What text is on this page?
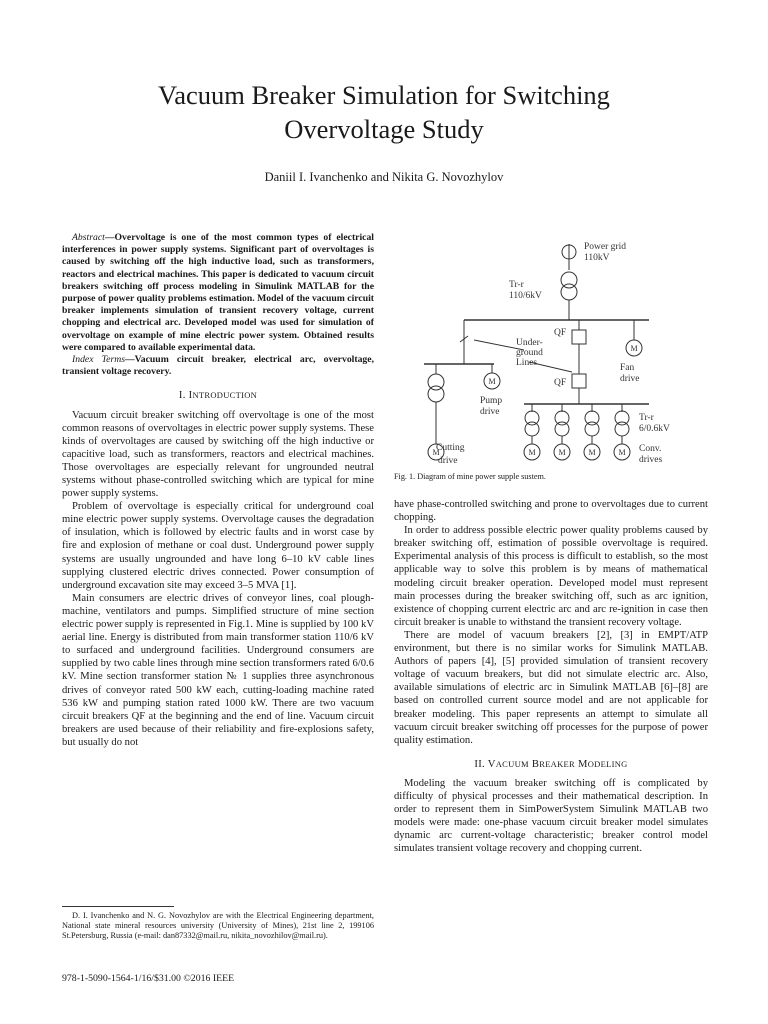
Vacuum Breaker Simulation for Switching
Overvoltage Study
Daniil I. Ivanchenko and Nikita G. Novozhylov

Abstract—Overvoltage is one of the most common types of electrical interferences in power supply systems. Significant part of overvoltages is caused by switching off the high inductive load, such as transformers, reactors and electrical machines. This paper is dedicated to vacuum circuit breakers switching off process modeling in Simulink MATLAB for the purpose of power quality problems estimation. Model of the vacuum circuit breaker implements simulation of transient recovery voltage, current chopping and electrical arc. Developed model was used for simulation of overvoltage on example of mine electric power system. Obtained results were compared to available experimental data.

Index Terms—Vacuum circuit breaker, electrical arc, overvoltage, transient voltage recovery.

I. INTRODUCTION

Vacuum circuit breaker switching off overvoltage is one of the most common reasons of overvoltages in electric power supply systems. These kinds of overvoltages are caused by switching off the high inductive or capacitive load, such as transformers, reactors and electrical machines. Those overvoltages are especially relevant for ungrounded neutral systems without phase-controlled switching which are typical for mine power supply systems.

Problem of overvoltage is especially critical for underground coal mine electric power supply systems. Overvoltage causes the degradation of insulation, which is followed by electric faults and in worst case by fire and explosion of methane or coal dust. Underground power supply systems are usually ungrounded and have long 6–10 kV cable lines supplying clustered electric drives connected. Power consumption of underground excavation site may exceed 3–5 MVA [1].

Main consumers are electric drives of conveyor lines, coal plough-machine, ventilators and pumps. Simplified structure of mine section electric power supply is represented in Fig.1. Mine is supplied by 100 kV aerial line. Energy is distributed from main transformer station 110/6 kV to surfaced and underground facilities. Underground consumers are supplied by two cable lines through mine section transformers rated 6/0.6 kV. Mine section transformer station № 1 supplies three asynchronous drives of conveyor rated 500 kW each, cutting-loading machine rated 536 kW and pumping station rated 1000 kW. There are two vacuum circuit breakers QF at the beginning and the end of line. Vacuum circuit breakers are used because of their reliability and fire-explosions safety, but usually do not

D. I. Ivanchenko and N. G. Novozhylov are with the Electrical Engineering department, National state mineral resources university (University of Mines), 21st line 2, 199106 St.Petersburg, Russia (e-mail: dan87332@mail.ru, nikita_novozhilov@mail.ru).
978-1-5090-1564-1/16/$31.00 ©2016 IEEE
Power grid
110kV
Tr-r
110/6kV
QF
QF
Under-
ground
Lines	Fan
drive
Pump
drive
Tr-r
6/0.6kV
Cutting
drive
Conv.
drives
M
M
M
M	M	M	M
Fig. 1. Diagram of mine power supple sustem.

have phase-controlled switching and prone to overvoltages due to current chopping.

In order to address possible electric power quality problems caused by breaker switching off, estimation of possible overvoltage is required. Experimental analysis of this process is difficult to establish, so the most applicable way to solve this problem is by means of mathematical modeling circuit breaker operation. Developed model must represent main processes during the breaker switching off, such as arc ignition, existence of chopping current electric arc and arc re-ignition in case then circuit breaker is unable to withstand the transient recovery voltage.

There are model of vacuum breakers [2], [3] in EMPT/ATP environment, but there is no similar works for Simulink MATLAB. Authors of papers [4], [5] provided simulation of transient recovery voltage of vacuum breakers, but did not simulate electric arc. Also, available simulations of electric arc in Simulink MATLAB [6]–[8] are based on controlled current source model and are not applicable for breaker modeling. This paper represents an attempt to simulate all vacuum circuit breaker switching off processes for the purpose of power quality estimation.

II. VACUUM BREAKER MODELING

Modeling the vacuum breaker switching off is complicated by difficulty of physical processes and their mathematical description. In order to represent them in SimPowerSystem Simulink MATLAB two models were made: one-phase vacuum circuit breaker model simulates dynamic arc current-voltage characteristic; breaker control model simulates transient voltage recovery and chopping current.
